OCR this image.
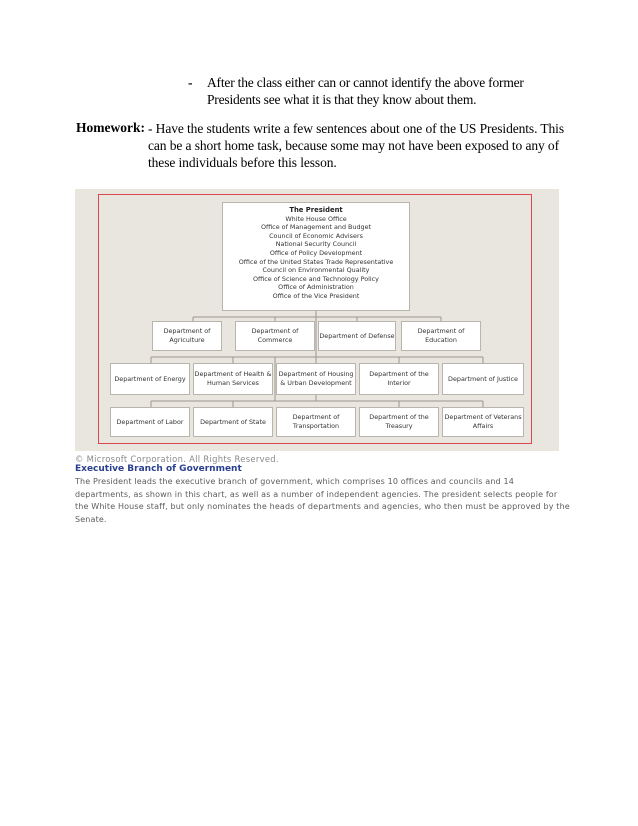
- After the class either can or cannot identify the above former Presidents see what it is that they know about them.
Homework: - Have the students write a few sentences about one of the US Presidents. This can be a short home task, because some may not have been exposed to any of these individuals before this lesson.
The President
White House Office
Office of Management and Budget
Council of Economic Advisers
National Security Council
Office of Policy Development
Office of the United States Trade Representative
Council on Environmental Quality
Office of Science and Technology Policy
Office of Administration
Office of the Vice President
Department of Agriculture
Department of Commerce
Department of Defense
Department of Education
Department of Energy
Department of Health & Human Services
Department of Housing & Urban Development
Department of the Interior
Department of Justice
Department of Labor	Department of State
Department of Transportation
Department of the Treasury
Department of Veterans Affairs
© Microsoft Corporation. All Rights Reserved.
Executive Branch of Government
The President leads the executive branch of government, which comprises 10 offices and councils and 14 departments, as shown in this chart, as well as a number of independent agencies. The president selects people for the White House staff, but only nominates the heads of departments and agencies, who then must be approved by the Senate.
